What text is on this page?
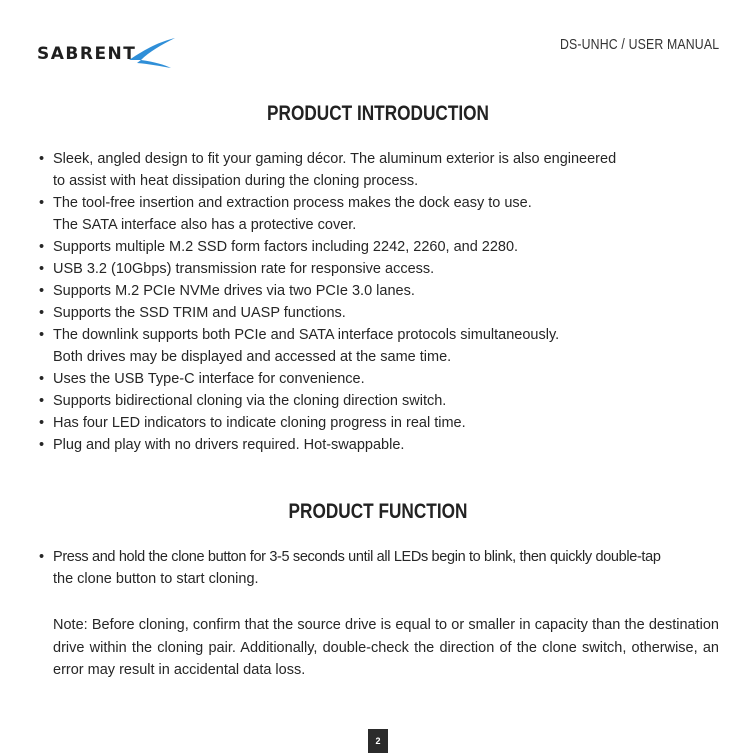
SABRENT	DS-UNHC / USER MANUAL
PRODUCT INTRODUCTION
• Sleek, angled design to fit your gaming décor. The aluminum exterior is also engineered
to assist with heat dissipation during the cloning process.
• The tool-free insertion and extraction process makes the dock easy to use.
The SATA interface also has a protective cover.
• Supports multiple M.2 SSD form factors including 2242, 2260, and 2280.
• USB 3.2 (10Gbps) transmission rate for responsive access.
• Supports M.2 PCIe NVMe drives via two PCIe 3.0 lanes.
• Supports the SSD TRIM and UASP functions.
• The downlink supports both PCIe and SATA interface protocols simultaneously.
Both drives may be displayed and accessed at the same time.
• Uses the USB Type-C interface for convenience.
• Supports bidirectional cloning via the cloning direction switch.
• Has four LED indicators to indicate cloning progress in real time.
• Plug and play with no drivers required. Hot-swappable.
PRODUCT FUNCTION
• Press and hold the clone button for 3-5 seconds until all LEDs begin to blink, then quickly double-tap
the clone button to start cloning.

Note: Before cloning, confirm that the source drive is equal to or smaller in capacity than the destination drive within the cloning pair. Additionally, double-check the direction of the clone switch, otherwise, an error may result in accidental data loss.

2
